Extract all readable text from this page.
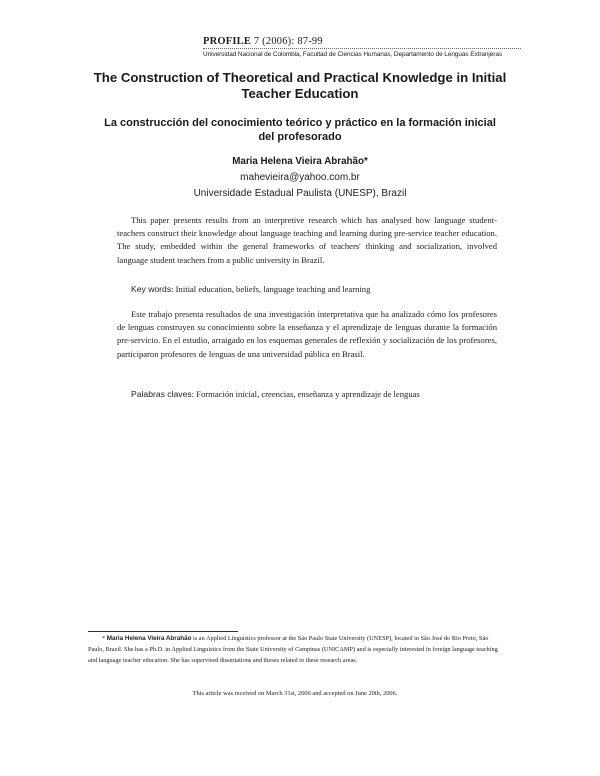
PROFILE 7 (2006): 87-99
Universidad Nacional de Colombia, Facultad de Ciencias Humanas, Departamento de Lenguas Extranjeras
The Construction of Theoretical and Practical Knowledge in Initial Teacher Education
La construcción del conocimiento teórico y práctico en la formación inicial del profesorado
Maria Helena Vieira Abrahão*
mahevieira@yahoo.com.br
Universidade Estadual Paulista (UNESP), Brazil
This paper presents results from an interpretive research which has analysed how language student-teachers construct their knowledge about language teaching and learning during pre-service teacher education. The study, embedded within the general frameworks of teachers' thinking and socialization, involved language student teachers from a public university in Brazil.
Key words: Initial education, beliefs, language teaching and learning
Este trabajo presenta resultados de una investigación interpretativa que ha analizado cómo los profesores de lenguas construyen su conocimiento sobre la enseñanza y el aprendizaje de lenguas durante la formación pre-servicio. En el estudio, arraigado en los esquemas generales de reflexión y socialización de los profesores, participaron profesores de lenguas de una universidad pública en Brasil.
Palabras claves: Formación inicial, creencias, enseñanza y aprendizaje de lenguas
* Maria Helena Vieira Abrahão is an Applied Linguistics professor at the São Paulo State University (UNESP), located in São José do Rio Preto, São Paulo, Brazil. She has a Ph.D. in Applied Linguistics from the State University of Campinas (UNICAMP) and is especially interested in foreign language teaching and language teacher education. She has supervised dissertations and theses related to these research areas.
This article was received on March 31st, 2006 and accepted on June 20th, 2006.
